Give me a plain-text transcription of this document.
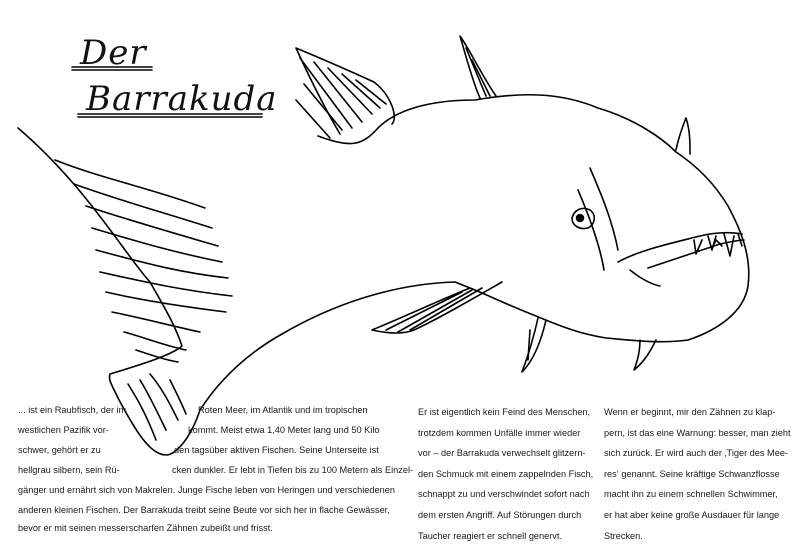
Der
Barrakuda

... ist ein Raubfisch, der im

westlichen Pazifik vor-

schwer, gehört er zu

hellgrau silbern, sein Rü-

Roten Meer, im Atlantik und im tropischen

kommt. Meist etwa 1,40 Meter lang und 50 Kilo

den tagsüber aktiven Fischen. Seine Unterseite ist

cken dunkler. Er lebt in Tiefen bis zu 100 Metern als Einzel-

gänger und ernährt sich von Makrelen. Junge Fische leben von Heringen und verschiedenen

anderen kleinen Fischen. Der Barrakuda treibt seine Beute vor sich her in flache Gewässer,

bevor er mit seinen messerscharfen Zähnen zubeißt und frisst.

Er ist eigentlich kein Feind des Menschen,
trotzdem kommen Unfälle immer wieder
vor – der Barrakuda verwechselt glitzern-
den Schmuck mit einem zappelnden Fisch,
schnappt zu und verschwindet sofort nach
dem ersten Angriff. Auf Störungen durch
Taucher reagiert er schnell genervt.
Wenn er beginnt, mir den Zähnen zu klap-
pern, ist das eine Warnung: besser, man zieht
sich zurück. Er wird auch der ‚Tiger des Mee-
res‘ genannt. Seine kräftige Schwanzflosse
macht ihn zu einem schnellen Schwimmer,
er hat aber keine große Ausdauer für lange
Strecken.
